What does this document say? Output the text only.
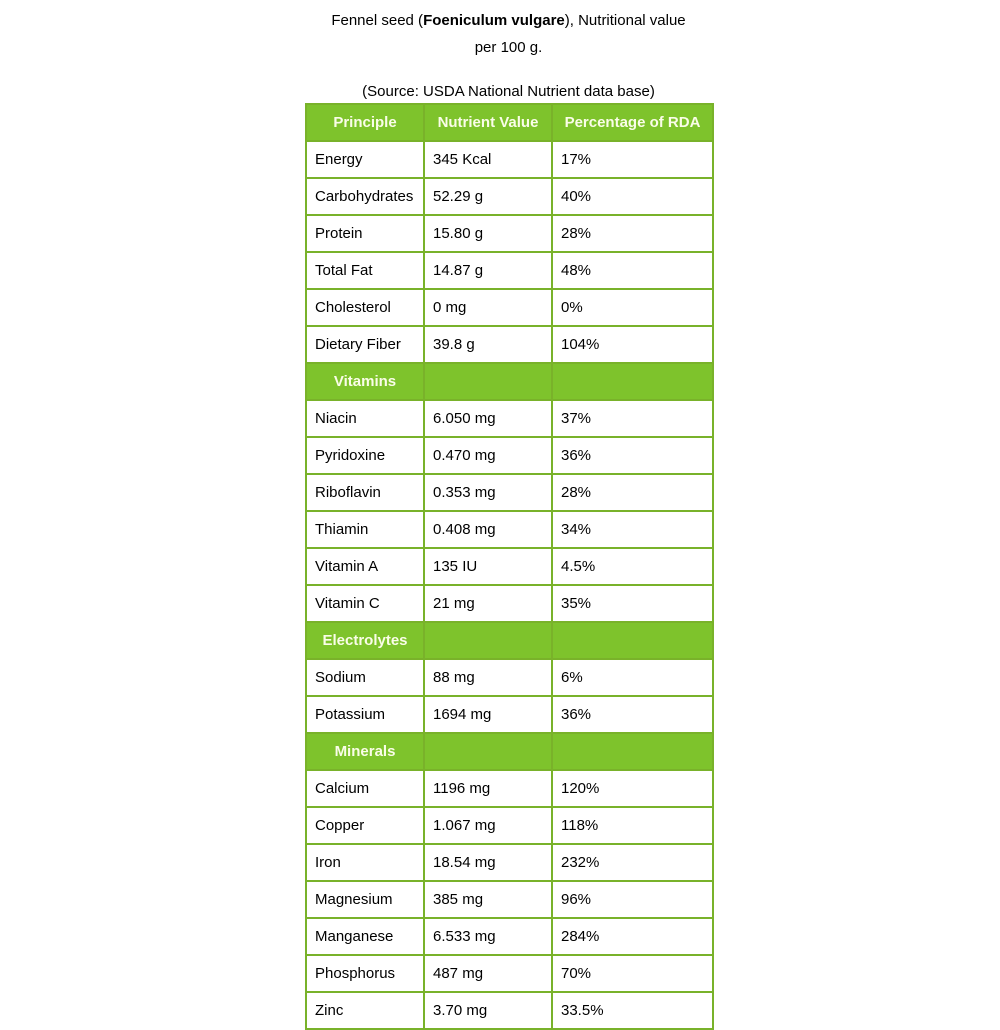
Fennel seed (Foeniculum vulgare), Nutritional value
per 100 g.
(Source: USDA National Nutrient data base)
Principle	Nutrient Value	Percentage of RDA
Energy	345 Kcal	17%
Carbohydrates	52.29 g	40%
Protein	15.80 g	28%
Total Fat	14.87 g	48%
Cholesterol	0 mg	0%
Dietary Fiber	39.8 g	104%
Vitamins		
Niacin	6.050 mg	37%
Pyridoxine	0.470 mg	36%
Riboflavin	0.353 mg	28%
Thiamin	0.408 mg	34%
Vitamin A	135 IU	4.5%
Vitamin C	21 mg	35%
Electrolytes		
Sodium	88 mg	6%
Potassium	1694 mg	36%
Minerals		
Calcium	1196 mg	120%
Copper	1.067 mg	118%
Iron	18.54 mg	232%
Magnesium	385 mg	96%
Manganese	6.533 mg	284%
Phosphorus	487 mg	70%
Zinc	3.70 mg	33.5%
